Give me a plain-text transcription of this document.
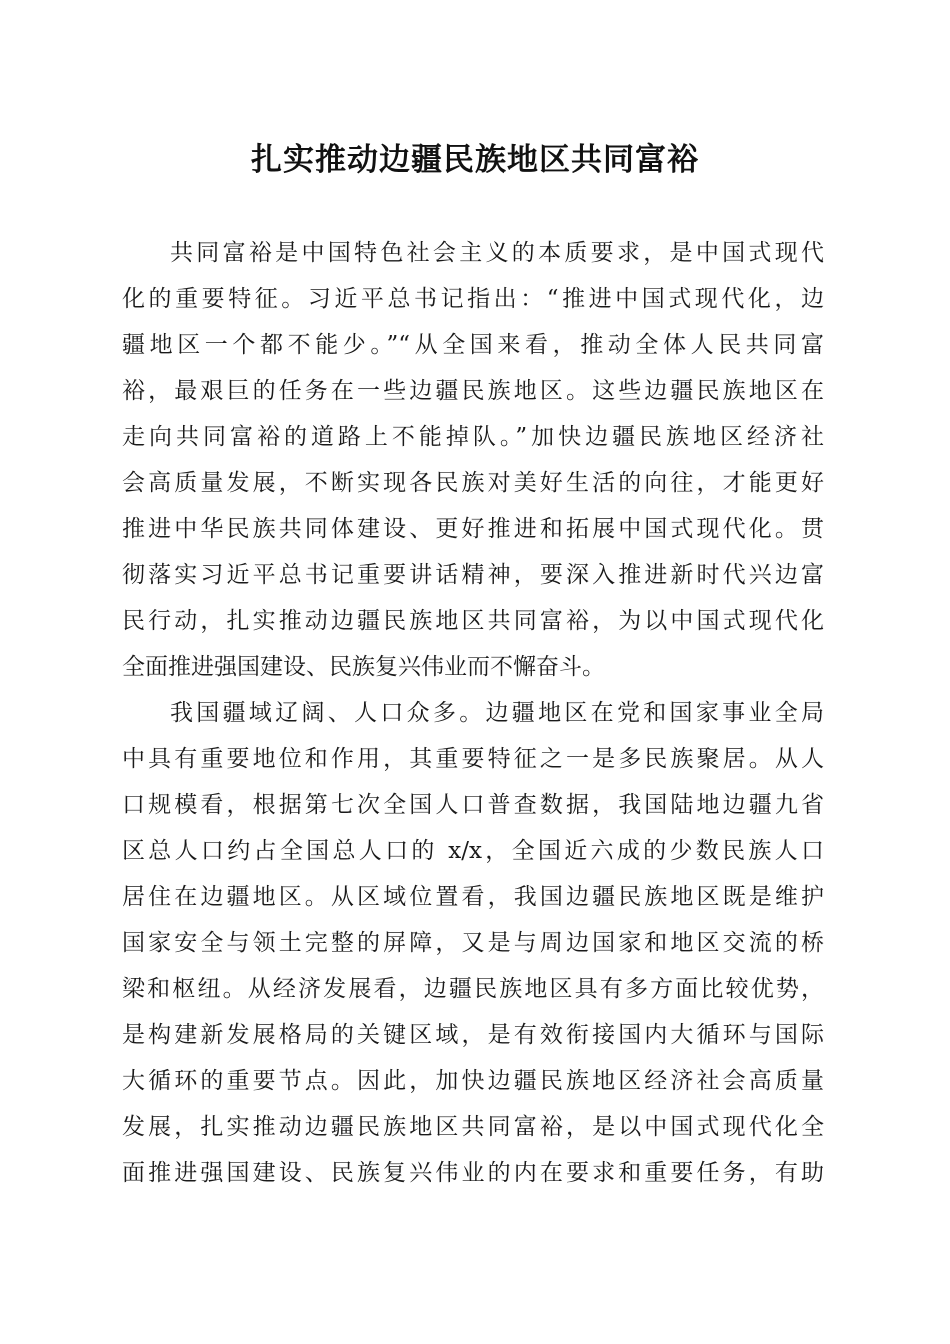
扎实推动边疆民族地区共同富裕
共同富裕是中国特色社会主义的本质要求，是中国式现代
化的重要特征。习近平总书记指出：“推进中国式现代化，边
疆地区一个都不能少。”“从全国来看，推动全体人民共同富
裕，最艰巨的任务在一些边疆民族地区。这些边疆民族地区在
走向共同富裕的道路上不能掉队。”加快边疆民族地区经济社
会高质量发展，不断实现各民族对美好生活的向往，才能更好
推进中华民族共同体建设、更好推进和拓展中国式现代化。贯
彻落实习近平总书记重要讲话精神，要深入推进新时代兴边富
民行动，扎实推动边疆民族地区共同富裕，为以中国式现代化
全面推进强国建设、民族复兴伟业而不懈奋斗。
我国疆域辽阔、人口众多。边疆地区在党和国家事业全局
中具有重要地位和作用，其重要特征之一是多民族聚居。从人
口规模看，根据第七次全国人口普查数据，我国陆地边疆九省
区总人口约占全国总人口的 x/x，全国近六成的少数民族人口
居住在边疆地区。从区域位置看，我国边疆民族地区既是维护
国家安全与领土完整的屏障，又是与周边国家和地区交流的桥
梁和枢纽。从经济发展看，边疆民族地区具有多方面比较优势，
是构建新发展格局的关键区域，是有效衔接国内大循环与国际
大循环的重要节点。因此，加快边疆民族地区经济社会高质量
发展，扎实推动边疆民族地区共同富裕，是以中国式现代化全
面推进强国建设、民族复兴伟业的内在要求和重要任务，有助
